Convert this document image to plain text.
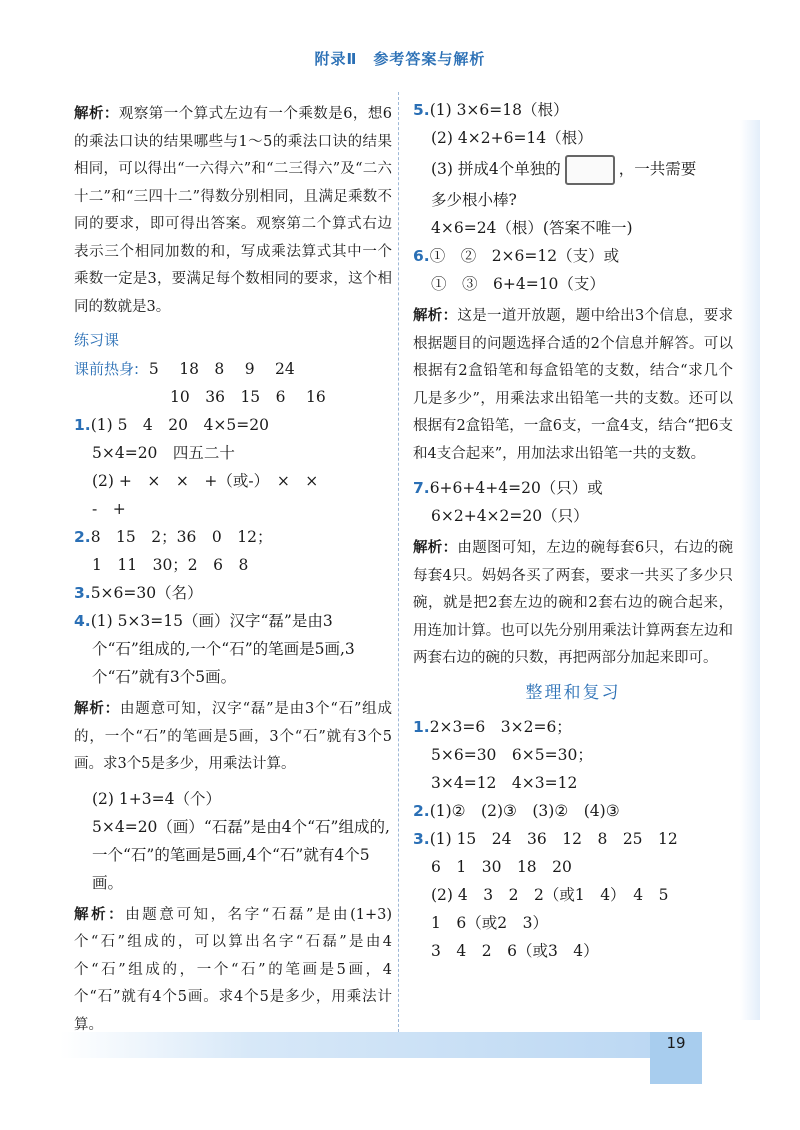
附录Ⅱ　参考答案与解析

解析：观察第一个算式左边有一个乘数是6，想6的乘法口诀的结果哪些与1～5的乘法口诀的结果相同，可以得出“一六得六”和“二三得六”及“二六十二”和“三四十二”得数分别相同，且满足乘数不同的要求，即可得出答案。观察第二个算式右边表示三个相同加数的和，写成乘法算式其中一个乘数一定是3，要满足每个数相同的要求，这个相同的数就是3。

练习课
课前热身: 5　 18　8　 9　 24
10　36　15　6　 16
1.(1) 5　4　20　4×5=20
5×4=20　四五二十
(2) +　×　×　+（或-）　×　×
-　+
2.8　15　2；36　0　12；
1　11　30；2　6　8
3.5×6=30（名）
4.(1) 5×3=15（画）汉字“磊”是由3个“石”组成的,一个“石”的笔画是5画,3个“石”就有3个5画。

解析：由题意可知，汉字“磊”是由3个“石”组成的，一个“石”的笔画是5画，3个“石”就有3个5画。求3个5是多少，用乘法计算。

(2) 1+3=4（个）
5×4=20（画）“石磊”是由4个“石”组成的,一个“石”的笔画是5画,4个“石”就有4个5画。

解析：由题意可知，名字“石磊”是由(1+3)个“石”组成的，可以算出名字“石磊”是由4个“石”组成的，一个“石”的笔画是5画，4个“石”就有4个5画。求4个5是多少，用乘法计算。

5.(1) 3×6=18（根）
(2) 4×2+6=14（根）
(3) 拼成4个单独的	，一共需要
多少根小棒?
4×6=24（根）(答案不唯一)
6.①　②　2×6=12（支）或
①　③　6+4=10（支）

解析：这是一道开放题，题中给出3个信息，要求根据题目的问题选择合适的2个信息并解答。可以根据有2盒铅笔和每盒铅笔的支数，结合“求几个几是多少”，用乘法求出铅笔一共的支数。还可以根据有2盒铅笔，一盒6支，一盒4支，结合“把6支和4支合起来”，用加法求出铅笔一共的支数。

7.6+6+4+4=20（只）或
6×2+4×2=20（只）

解析：由题图可知，左边的碗每套6只，右边的碗每套4只。妈妈各买了两套，要求一共买了多少只碗，就是把2套左边的碗和2套右边的碗合起来，用连加计算。也可以先分别用乘法计算两套左边和两套右边的碗的只数，再把两部分加起来即可。

整理和复习
1.2×3=6　3×2=6；
5×6=30　6×5=30；
3×4=12　4×3=12
2.(1)②　(2)③　(3)②　(4)③
3.(1) 15　24　36　12　8　25　12
6　1　30　18　20
(2) 4　3　2　2（或1　4）　4　5
1　6（或2　3）
3　4　2　6（或3　4）
19
